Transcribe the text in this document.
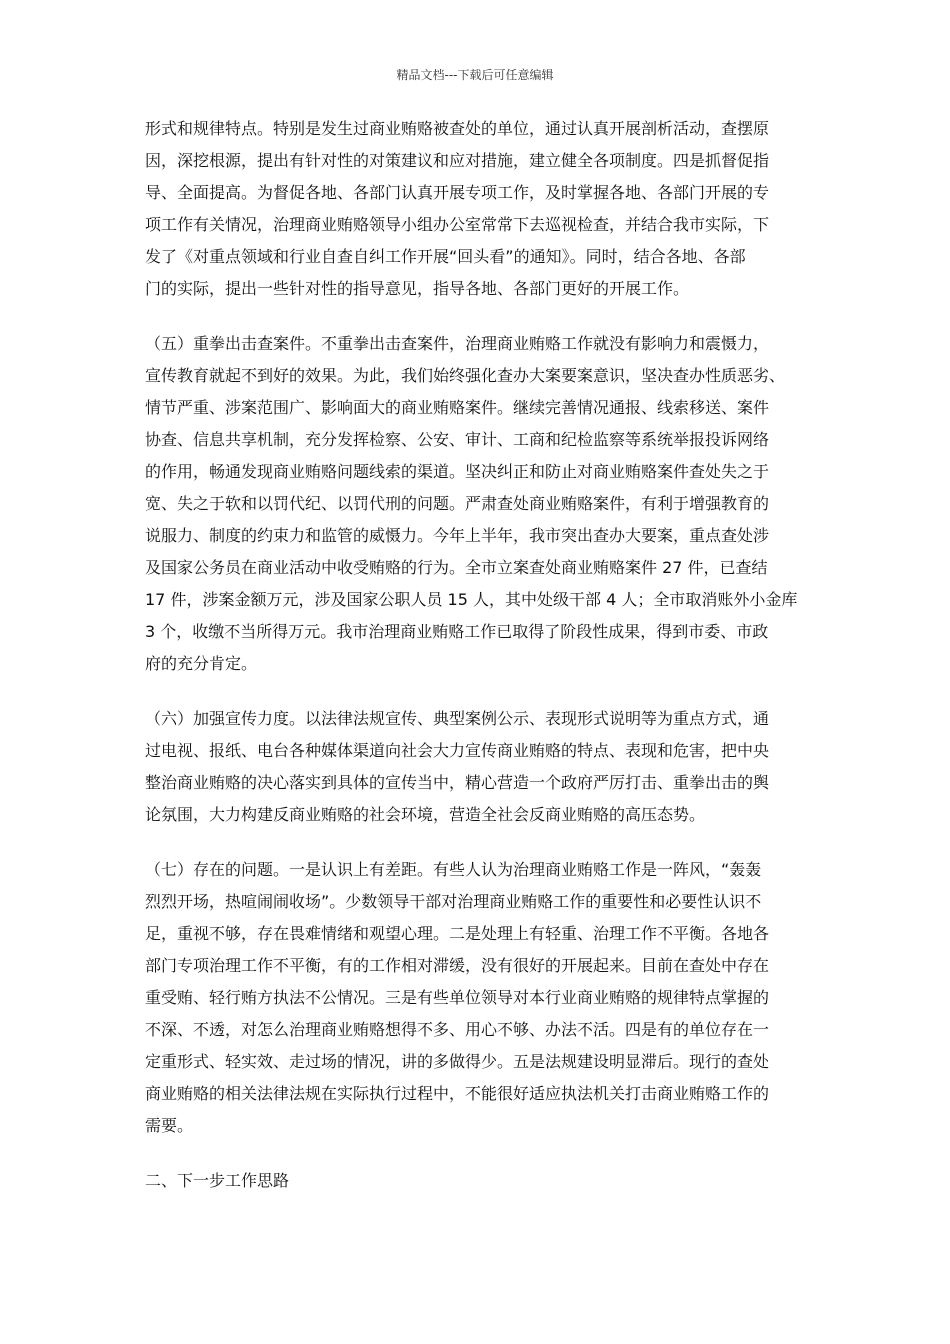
精品文档---下载后可任意编辑
形式和规律特点。特别是发生过商业贿赂被查处的单位，通过认真开展剖析活动，查摆原
因，深挖根源，提出有针对性的对策建议和应对措施，建立健全各项制度。四是抓督促指
导、全面提高。为督促各地、各部门认真开展专项工作，及时掌握各地、各部门开展的专
项工作有关情况，治理商业贿赂领导小组办公室常常下去巡视检查，并结合我市实际，下
发了《对重点领域和行业自查自纠工作开展“回头看”的通知》。同时，结合各地、各部
门的实际，提出一些针对性的指导意见，指导各地、各部门更好的开展工作。
（五）重拳出击查案件。不重拳出击查案件，治理商业贿赂工作就没有影响力和震慑力，
宣传教育就起不到好的效果。为此，我们始终强化查办大案要案意识，坚决查办性质恶劣、
情节严重、涉案范围广、影响面大的商业贿赂案件。继续完善情况通报、线索移送、案件
协查、信息共享机制，充分发挥检察、公安、审计、工商和纪检监察等系统举报投诉网络
的作用，畅通发现商业贿赂问题线索的渠道。坚决纠正和防止对商业贿赂案件查处失之于
宽、失之于软和以罚代纪、以罚代刑的问题。严肃查处商业贿赂案件，有利于增强教育的
说服力、制度的约束力和监管的威慑力。今年上半年，我市突出查办大要案，重点查处涉
及国家公务员在商业活动中收受贿赂的行为。全市立案查处商业贿赂案件 27 件，已查结
17 件，涉案金额万元，涉及国家公职人员 15 人，其中处级干部 4 人；全市取消账外小金库
3 个，收缴不当所得万元。我市治理商业贿赂工作已取得了阶段性成果，得到市委、市政
府的充分肯定。
（六）加强宣传力度。以法律法规宣传、典型案例公示、表现形式说明等为重点方式，通
过电视、报纸、电台各种媒体渠道向社会大力宣传商业贿赂的特点、表现和危害，把中央
整治商业贿赂的决心落实到具体的宣传当中，精心营造一个政府严厉打击、重拳出击的舆
论氛围，大力构建反商业贿赂的社会环境，营造全社会反商业贿赂的高压态势。
（七）存在的问题。一是认识上有差距。有些人认为治理商业贿赂工作是一阵风，“轰轰
烈烈开场，热喧闹闹收场”。少数领导干部对治理商业贿赂工作的重要性和必要性认识不
足，重视不够，存在畏难情绪和观望心理。二是处理上有轻重、治理工作不平衡。各地各
部门专项治理工作不平衡，有的工作相对滞缓，没有很好的开展起来。目前在查处中存在
重受贿、轻行贿方执法不公情况。三是有些单位领导对本行业商业贿赂的规律特点掌握的
不深、不透，对怎么治理商业贿赂想得不多、用心不够、办法不活。四是有的单位存在一
定重形式、轻实效、走过场的情况，讲的多做得少。五是法规建设明显滞后。现行的查处
商业贿赂的相关法律法规在实际执行过程中，不能很好适应执法机关打击商业贿赂工作的
需要。
二、下一步工作思路
